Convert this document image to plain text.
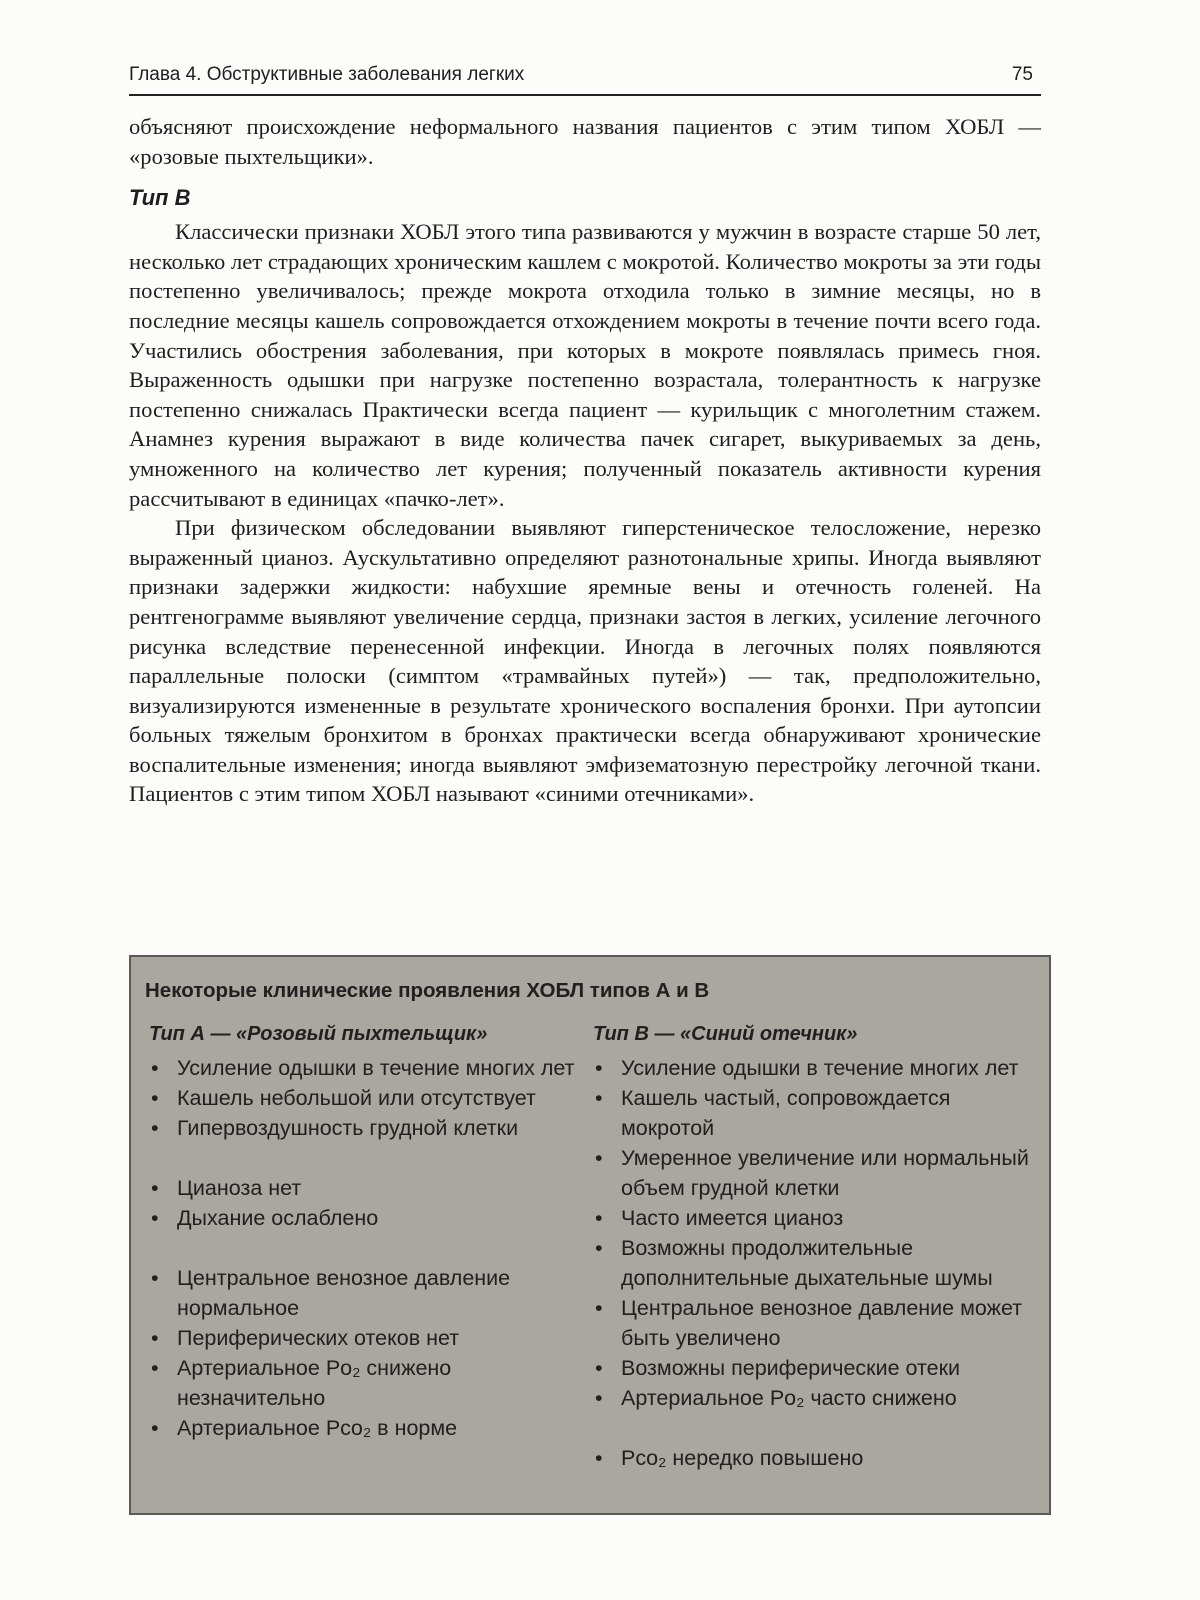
Глава 4. Обструктивные заболевания легких	75

объясняют происхождение неформального названия пациентов с этим типом ХОБЛ — «розовые пыхтельщики».

Тип B

Классически признаки ХОБЛ этого типа развиваются у мужчин в возрасте старше 50 лет, несколько лет страдающих хроническим кашлем с мокротой. Количество мокроты за эти годы постепенно увеличивалось; прежде мокрота отходила только в зимние месяцы, но в последние месяцы кашель сопровождается отхождением мокроты в течение почти всего года. Участились обострения заболевания, при которых в мокроте появлялась примесь гноя. Выраженность одышки при нагрузке постепенно возрастала, толерантность к нагрузке постепенно снижалась Практически всегда пациент — курильщик с многолетним стажем. Анамнез курения выражают в виде количества пачек сигарет, выкуриваемых за день, умноженного на количество лет курения; полученный показатель активности курения рассчитывают в единицах «пачко-лет».

При физическом обследовании выявляют гиперстеническое телосложение, нерезко выраженный цианоз. Аускультативно определяют разнотональные хрипы. Иногда выявляют признаки задержки жидкости: набухшие яремные вены и отечность голеней. На рентгенограмме выявляют увеличение сердца, признаки застоя в легких, усиление легочного рисунка вследствие перенесенной инфекции. Иногда в легочных полях появляются параллельные полоски (симптом «трамвайных путей») — так, предположительно, визуализируются измененные в результате хронического воспаления бронхи. При аутопсии больных тяжелым бронхитом в бронхах практически всегда обнаруживают хронические воспалительные изменения; иногда выявляют эмфизематозную перестройку легочной ткани. Пациентов с этим типом ХОБЛ называют «синими отечниками».

Некоторые клинические проявления ХОБЛ типов А и B
Тип А — «Розовый пыхтельщик»
• Усиление одышки в течение многих лет
• Кашель небольшой или отсутствует
• Гипервоздушность грудной клетки
• Цианоза нет
• Дыхание ослаблено
• Центральное венозное давление нормальное
• Периферических отеков нет
• Артериальное Po₂ снижено незначительно
• Артериальное Pco₂ в норме
Тип B — «Синий отечник»
• Усиление одышки в течение многих лет
• Кашель частый, сопровождается мокротой
• Умеренное увеличение или нормальный объем грудной клетки
• Часто имеется цианоз
• Возможны продолжительные дополнительные дыхательные шумы
• Центральное венозное давление может быть увеличено
• Возможны периферические отеки
• Артериальное Po₂ часто снижено
• Pco₂ нередко повышено
